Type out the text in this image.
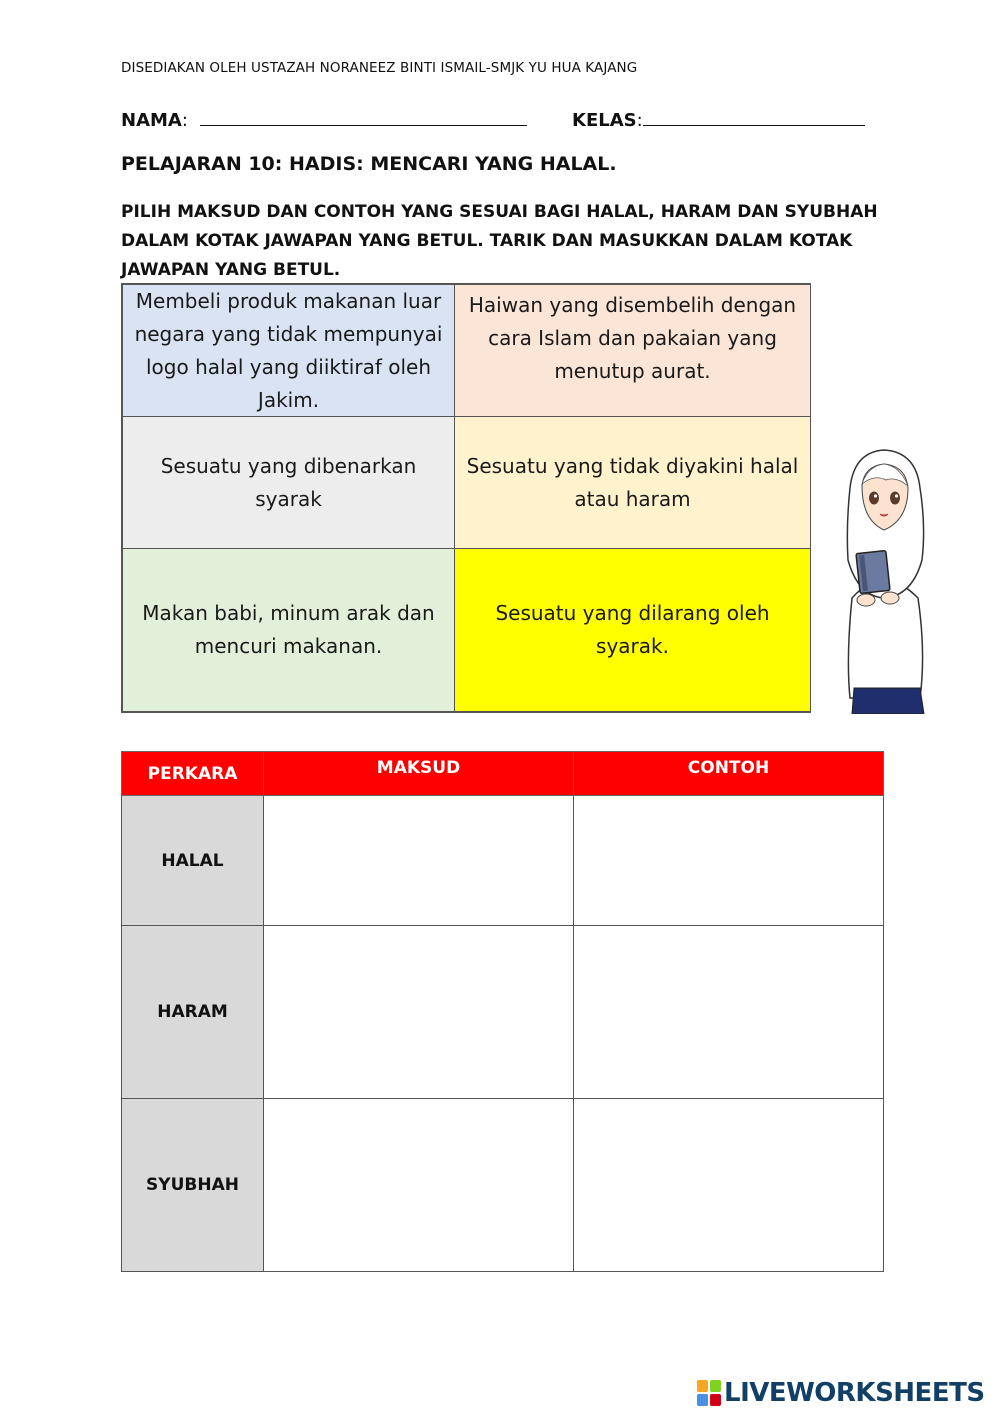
DISEDIAKAN OLEH USTAZAH NORANEEZ BINTI ISMAIL-SMJK YU HUA KAJANG
NAMA:	KELAS:
PELAJARAN 10: HADIS: MENCARI YANG HALAL.
PILIH MAKSUD DAN CONTOH YANG SESUAI BAGI HALAL, HARAM DAN SYUBHAH DALAM KOTAK JAWAPAN YANG BETUL. TARIK DAN MASUKKAN DALAM KOTAK JAWAPAN YANG BETUL.
Membeli produk makanan luar negara yang tidak mempunyai logo halal yang diiktiraf oleh Jakim.
Haiwan yang disembelih dengan cara Islam dan pakaian yang menutup aurat.
Sesuatu yang dibenarkan syarak
Sesuatu yang tidak diyakini halal atau haram
Makan babi, minum arak dan mencuri makanan.
Sesuatu yang dilarang oleh syarak.
PERKARA	MAKSUD	CONTOH
HALAL		
HARAM		
SYUBHAH		
LIVEWORKSHEETS
